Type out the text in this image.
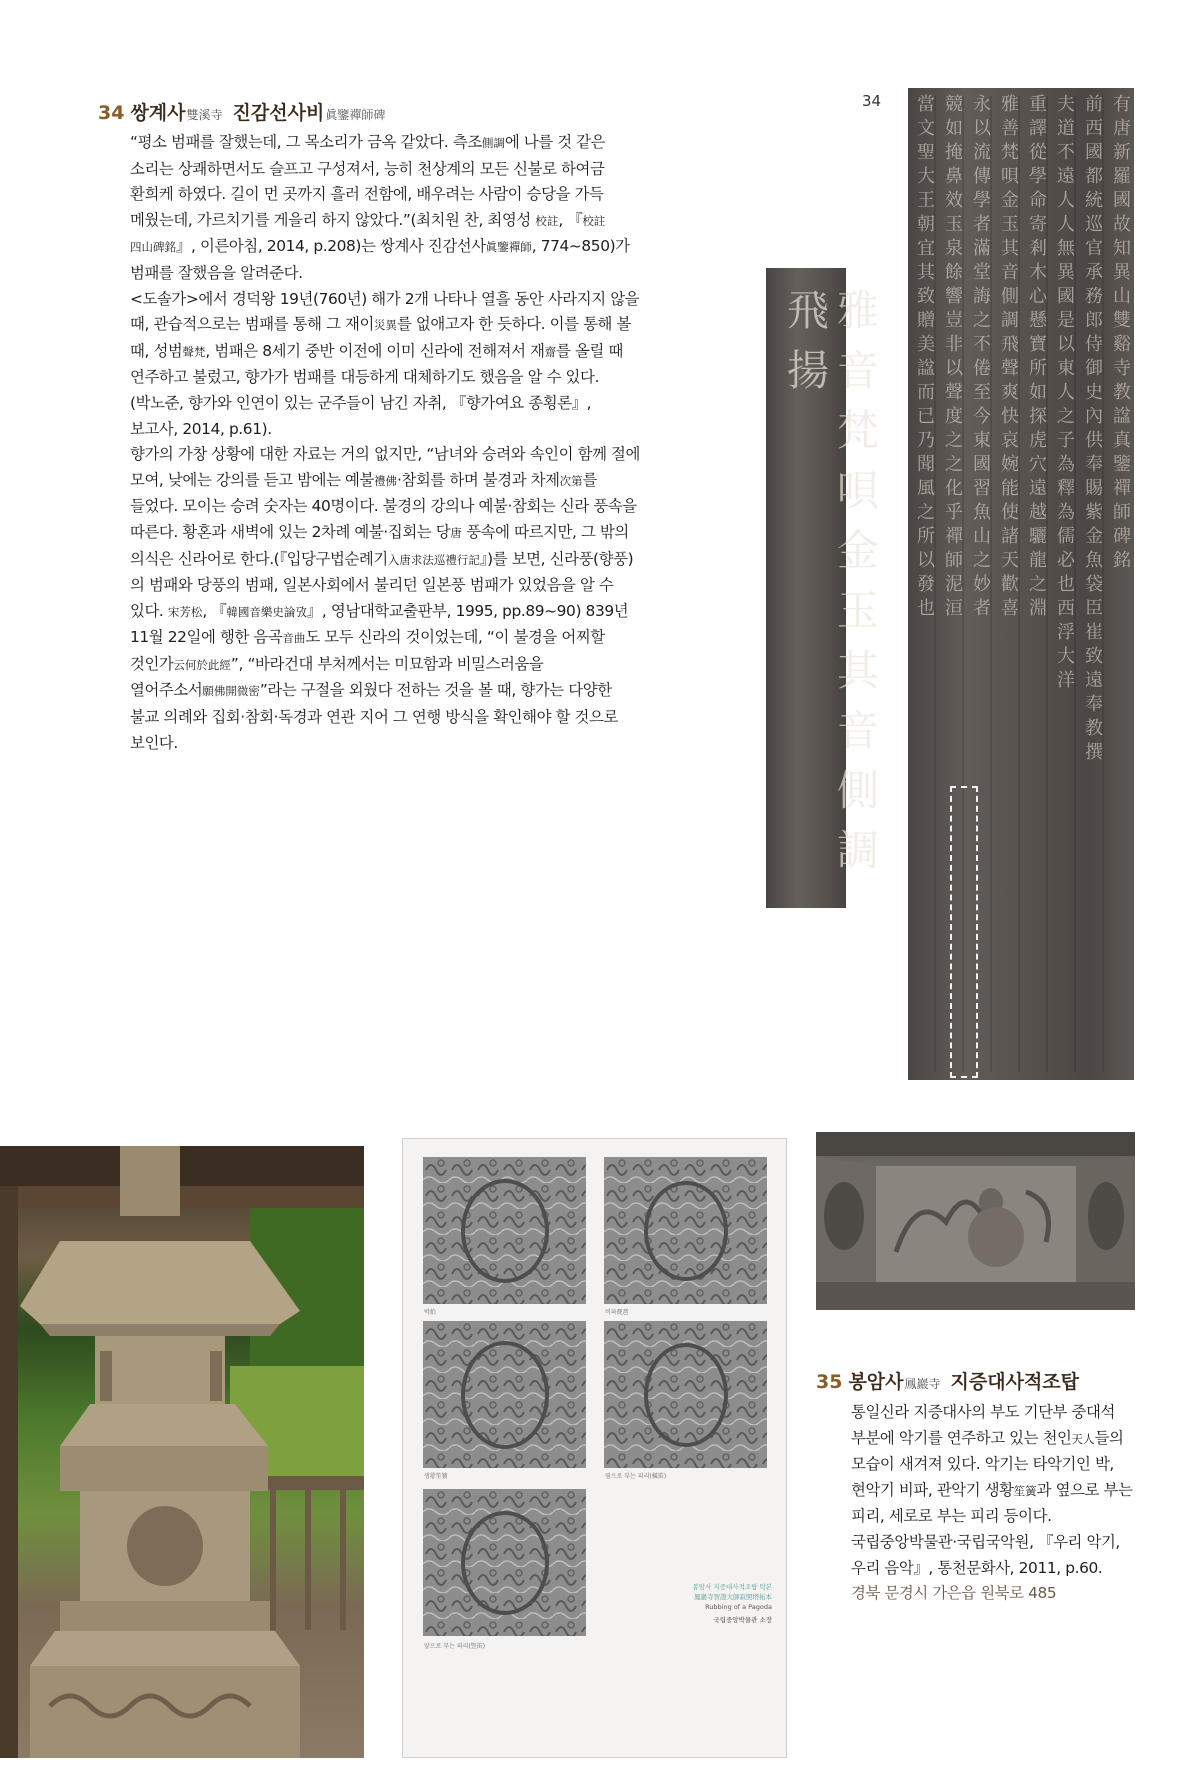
34 쌍계사雙溪寺 진감선사비眞鑒禪師碑

“평소 범패를 잘했는데, 그 목소리가 금옥 같았다. 측조側調에 나를 것 같은 소리는 상쾌하면서도 슬프고 구성져서, 능히 천상계의 모든 신불로 하여금 환희케 하였다. 길이 먼 곳까지 흘러 전함에, 배우려는 사람이 승당을 가득 메웠는데, 가르치기를 게을리 하지 않았다.”(최치원 찬, 최영성 校註, 『校註 四山碑銘』, 이른아침, 2014, p.208)는 쌍계사 진감선사眞鑒禪師, 774~850)가 범패를 잘했음을 알려준다.

<도솔가>에서 경덕왕 19년(760년) 해가 2개 나타나 열흘 동안 사라지지 않을 때, 관습적으로는 범패를 통해 그 재이災異를 없애고자 한 듯하다. 이를 통해 볼 때, 성범聲梵, 범패은 8세기 중반 이전에 이미 신라에 전해져서 재齋를 올릴 때 연주하고 불렀고, 향가가 범패를 대등하게 대체하기도 했음을 알 수 있다.(박노준, 향가와 인연이 있는 군주들이 남긴 자취, 『향가여요 종횡론』, 보고사, 2014, p.61).

향가의 가창 상황에 대한 자료는 거의 없지만, “남녀와 승려와 속인이 함께 절에 모여, 낮에는 강의를 듣고 밤에는 예불禮佛·참회를 하며 불경과 차제次第를 들었다. 모이는 승려 숫자는 40명이다. 불경의 강의나 예불·참회는 신라 풍속을 따른다. 황혼과 새벽에 있는 2차례 예불·집회는 당唐 풍속에 따르지만, 그 밖의 의식은 신라어로 한다.(『입당구법순례기入唐求法巡禮行記』)를 보면, 신라풍(향풍)의 범패와 당풍의 범패, 일본사회에서 불리던 일본풍 범패가 있었음을 알 수 있다. 宋芳松, 『韓國音樂史論攷』, 영남대학교출판부, 1995, pp.89~90) 839년 11월 22일에 행한 음곡音曲도 모두 신라의 것이었는데, “이 불경을 어찌할 것인가云何於此經”, “바라건대 부처께서는 미묘함과 비밀스러움을 열어주소서願佛開微密”라는 구절을 외웠다 전하는 것을 볼 때, 향가는 다양한 불교 의례와 집회·참회·독경과 연관 지어 그 연행 방식을 확인해야 할 것으로 보인다.

34
雅音梵唄金玉其音側調飛揚	有唐新羅國故知異山雙谿寺教諡真鑒禪師碑銘
前西國都統巡官承務郎侍御史內供奉賜紫金魚袋臣崔致遠奉教撰
夫道不遠人人無異國是以東人之子為釋為儒必也西浮大洋
重譯從學命寄剎木心懸寶所如探虎穴遠越驪龍之淵
雅善梵唄金玉其音側調飛聲爽快哀婉能使諸天歡喜
永以流傳學者滿堂誨之不倦至今東國習魚山之妙者
競如掩鼻效玉泉餘響豈非以聲度之之化乎禪師泥洹
當文聖大王朝宜其致贈美諡而已乃聞風之所以發也
박拍	비파琵琶
생황笙簧	옆으로 부는 피리(橫笛)
앞으로 부는 피리(竪笛)
봉암사 지증대사적조탑 탁본
鳳巖寺智證大師寂照塔拓本
Rubbing of a Pagoda
국립중앙박물관 소장
35 봉암사鳳巖寺 지증대사적조탑

통일신라 지증대사의 부도 기단부 중대석 부분에 악기를 연주하고 있는 천인天人들의 모습이 새겨져 있다. 악기는 타악기인 박, 현악기 비파, 관악기 생황笙簧과 옆으로 부는 피리, 세로로 부는 피리 등이다. 국립중앙박물관·국립국악원, 『우리 악기, 우리 음악』, 통천문화사, 2011, p.60.

경북 문경시 가은읍 원북로 485
